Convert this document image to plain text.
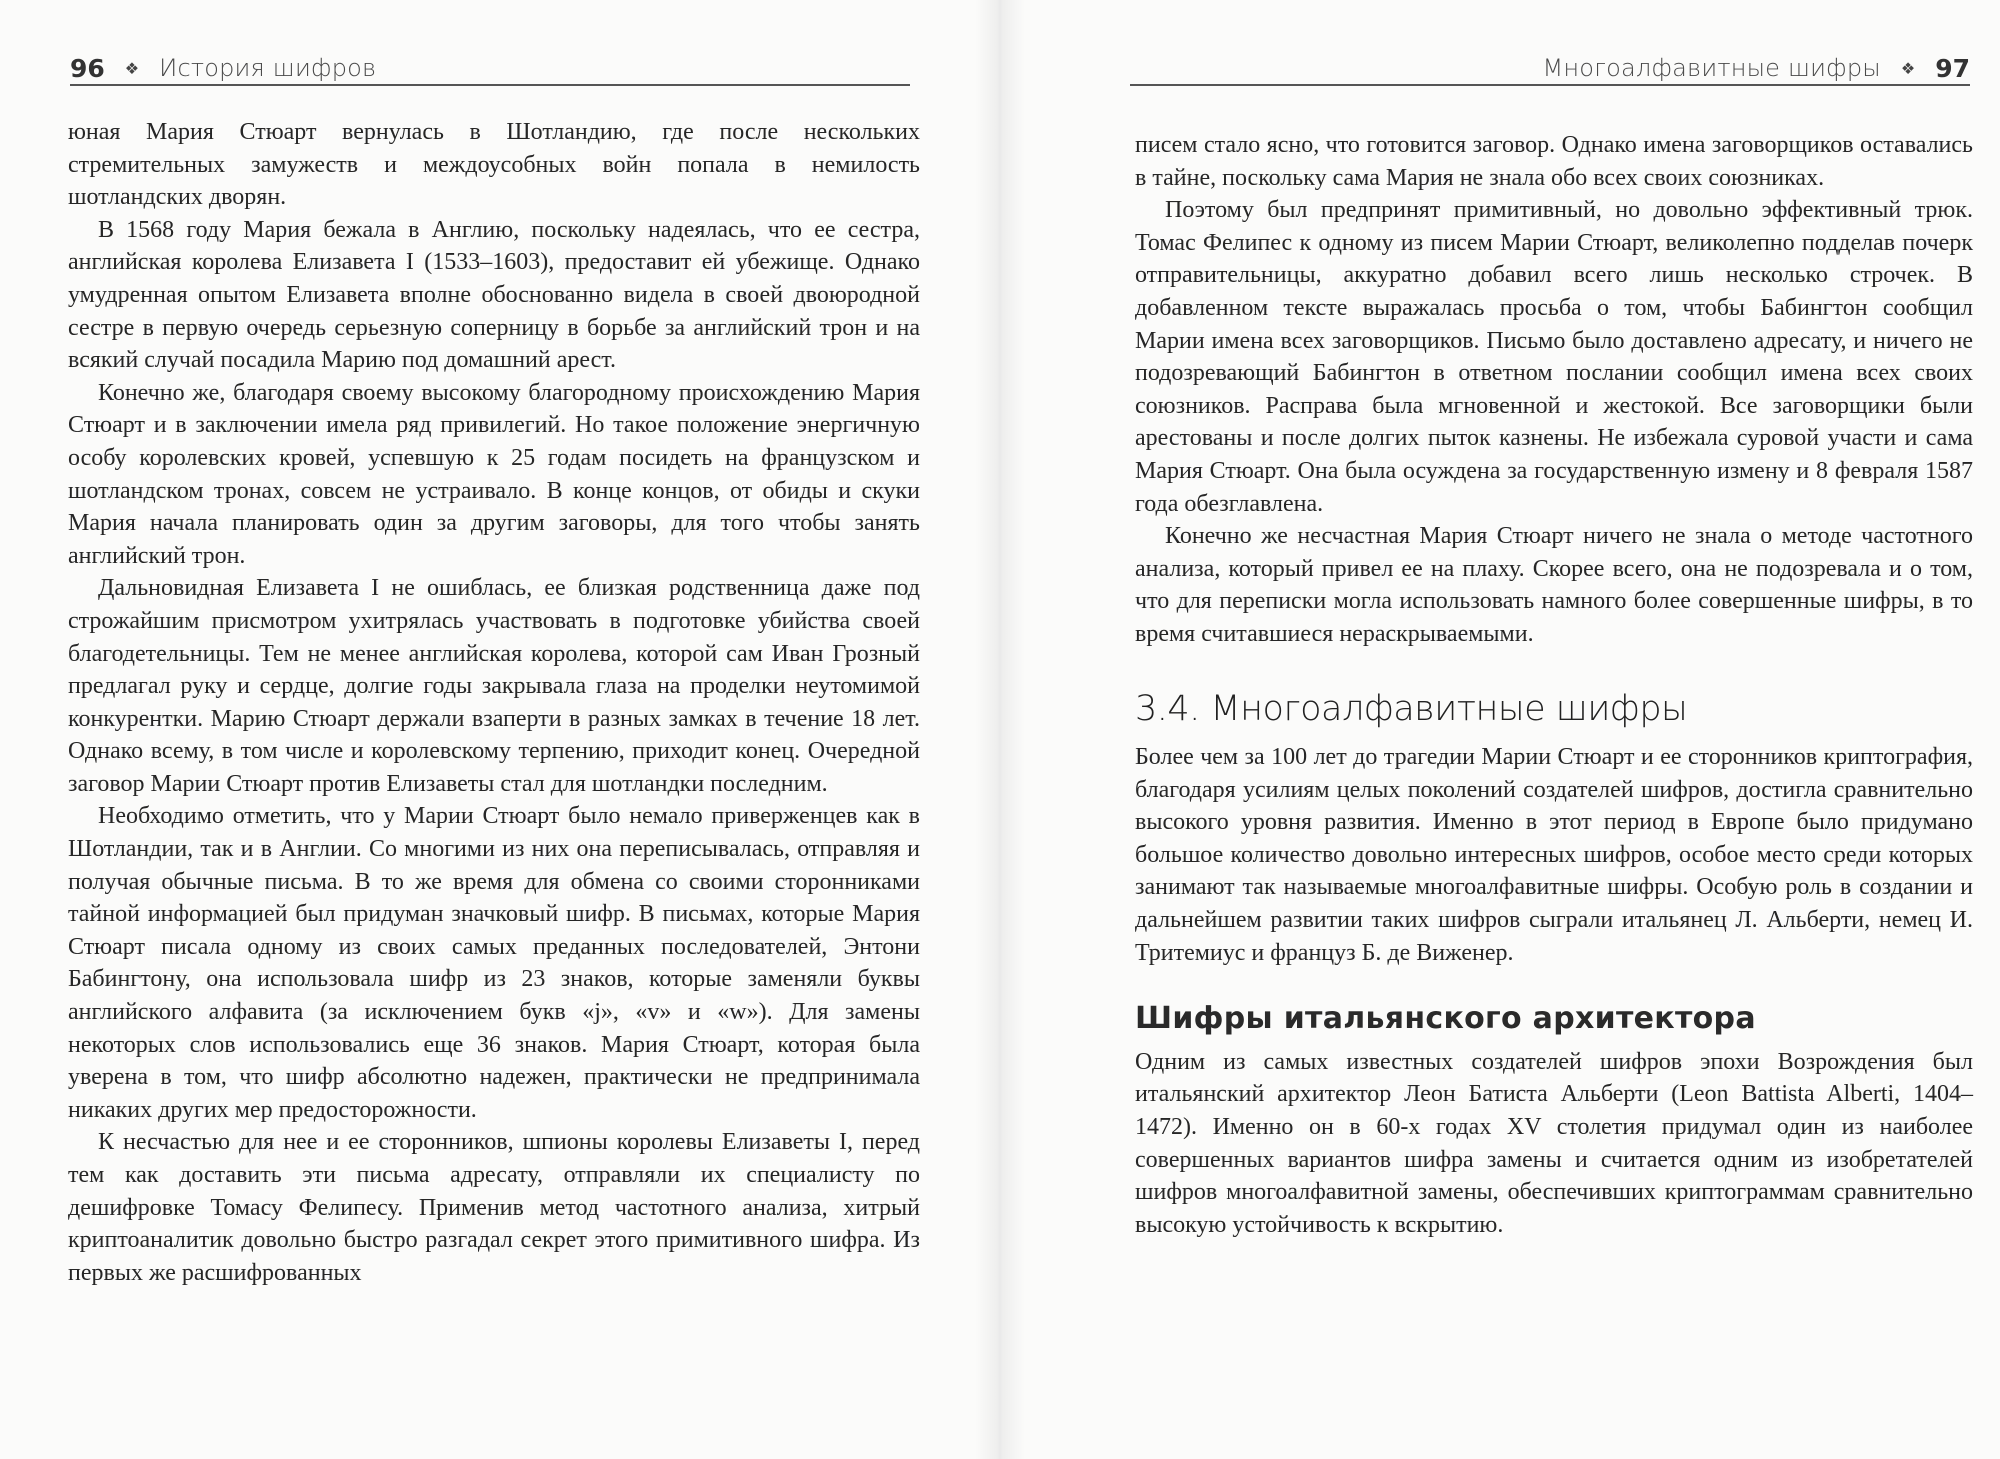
96 ❖ История шифров

юная Мария Стюарт вернулась в Шотландию, где после нескольких стремительных замужеств и междоусобных войн попала в немилость шотландских дворян.

В 1568 году Мария бежала в Англию, поскольку надеялась, что ее сестра, английская королева Елизавета I (1533–1603), предоставит ей убежище. Однако умудренная опытом Елизавета вполне обоснованно видела в своей двоюродной сестре в первую очередь серьезную соперницу в борьбе за английский трон и на всякий случай посадила Марию под домашний арест.

Конечно же, благодаря своему высокому благородному происхождению Мария Стюарт и в заключении имела ряд привилегий. Но такое положение энергичную особу королевских кровей, успевшую к 25 годам посидеть на французском и шотландском тронах, совсем не устраивало. В конце концов, от обиды и скуки Мария начала планировать один за другим заговоры, для того чтобы занять английский трон.

Дальновидная Елизавета I не ошиблась, ее близкая родственница даже под строжайшим присмотром ухитрялась участвовать в подготовке убийства своей благодетельницы. Тем не менее английская королева, которой сам Иван Грозный предлагал руку и сердце, долгие годы закрывала глаза на проделки неутомимой конкурентки. Марию Стюарт держали взаперти в разных замках в течение 18 лет. Однако всему, в том числе и королевскому терпению, приходит конец. Очередной заговор Марии Стюарт против Елизаветы стал для шотландки последним.

Необходимо отметить, что у Марии Стюарт было немало приверженцев как в Шотландии, так и в Англии. Со многими из них она переписывалась, отправляя и получая обычные письма. В то же время для обмена со своими сторонниками тайной информацией был придуман значковый шифр. В письмах, которые Мария Стюарт писала одному из своих самых преданных последователей, Энтони Бабингтону, она использовала шифр из 23 знаков, которые заменяли буквы английского алфавита (за исключением букв «j», «v» и «w»). Для замены некоторых слов использовались еще 36 знаков. Мария Стюарт, которая была уверена в том, что шифр абсолютно надежен, практически не предпринимала никаких других мер предосторожности.

К несчастью для нее и ее сторонников, шпионы королевы Елизаветы I, перед тем как доставить эти письма адресату, отправляли их специалисту по дешифровке Томасу Фелипесу. Применив метод частотного анализа, хитрый криптоаналитик довольно быстро разгадал секрет этого примитивного шифра. Из первых же расшифрованных

Многоалфавитные шифры ❖ 97

писем стало ясно, что готовится заговор. Однако имена заговорщиков оставались в тайне, поскольку сама Мария не знала обо всех своих союзниках.

Поэтому был предпринят примитивный, но довольно эффективный трюк. Томас Фелипес к одному из писем Марии Стюарт, великолепно подделав почерк отправительницы, аккуратно добавил всего лишь несколько строчек. В добавленном тексте выражалась просьба о том, чтобы Бабингтон сообщил Марии имена всех заговорщиков. Письмо было доставлено адресату, и ничего не подозревающий Бабингтон в ответном послании сообщил имена всех своих союзников. Расправа была мгновенной и жестокой. Все заговорщики были арестованы и после долгих пыток казнены. Не избежала суровой участи и сама Мария Стюарт. Она была осуждена за государственную измену и 8 февраля 1587 года обезглавлена.

Конечно же несчастная Мария Стюарт ничего не знала о методе частотного анализа, который привел ее на плаху. Скорее всего, она не подозревала и о том, что для переписки могла использовать намного более совершенные шифры, в то время считавшиеся нераскрываемыми.

3.4. Многоалфавитные шифры

Более чем за 100 лет до трагедии Марии Стюарт и ее сторонников криптография, благодаря усилиям целых поколений создателей шифров, достигла сравнительно высокого уровня развития. Именно в этот период в Европе было придумано большое количество довольно интересных шифров, особое место среди которых занимают так называемые многоалфавитные шифры. Особую роль в создании и дальнейшем развитии таких шифров сыграли итальянец Л. Альберти, немец И. Тритемиус и француз Б. де Виженер.

Шифры итальянского архитектора

Одним из самых известных создателей шифров эпохи Возрождения был итальянский архитектор Леон Батиста Альберти (Leon Battista Alberti, 1404–1472). Именно он в 60-х годах XV столетия придумал один из наиболее совершенных вариантов шифра замены и считается одним из изобретателей шифров многоалфавитной замены, обеспечивших криптограммам сравнительно высокую устойчивость к вскрытию.
